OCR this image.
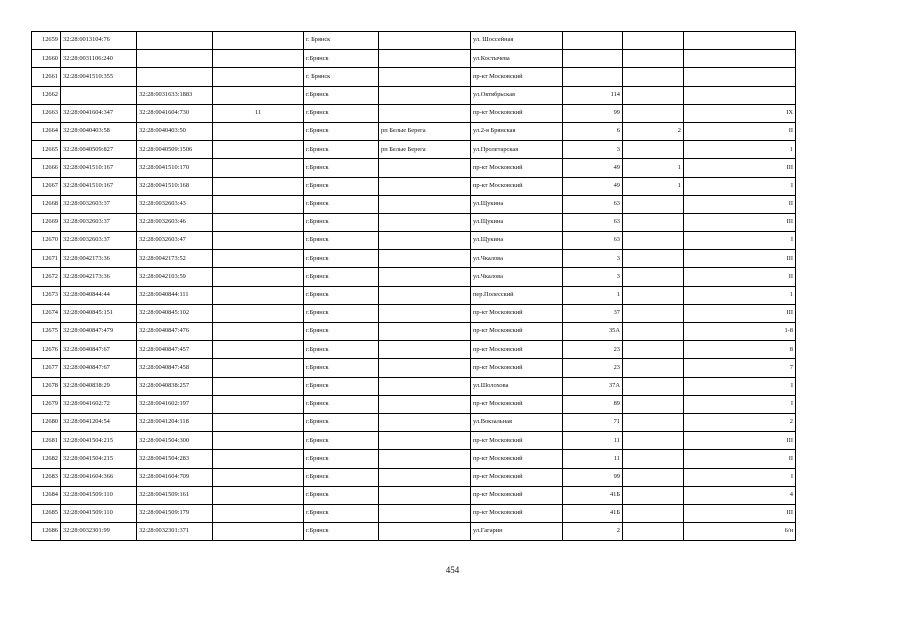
12659	32:28:0013104:76			г. Брянск		ул. Шоссейная			
12660	32:28:0031106:240			г.Брянск		ул.Костычева			
12661	32:28:0041510:355			г. Брянск		пр-кт Московский			
12662		32:28:0031633:1883		г.Брянск		ул.Октябрьская	114		
12663	32:28:0041604:347	32:28:0041604:730	11	г.Брянск		пр-кт Московский	99		IX
12664	32:28:0040403:58	32:28:0040403:50		г.Брянск	рп Белые Берега	ул.2-я Брянская	6	2	II
12665	32:28:0040509:827	32:28:0040509:1506		г.Брянск	рп Белые Берега	ул.Пролетарская	3		1
12666	32:28:0041510:167	32:28:0041510:170		г.Брянск		пр-кт Московский	49	1	III
12667	32:28:0041510:167	32:28:0041510:168		г.Брянск		пр-кт Московский	49	1	I
12668	32:28:0032603:37	32:28:0032603:43		г.Брянск		ул.Щукина	63		II
12669	32:28:0032603:37	32:28:0032603:46		г.Брянск		ул.Щукина	63		III
12670	32:28:0032603:37	32:28:0032603:47		г.Брянск		ул.Щукина	63		I
12671	32:28:0042173:36	32:28:0042173:52		г.Брянск		ул.Чкалова	3		III
12672	32:28:0042173:36	32:28:0042103:59		г.Брянск		ул.Чкалова	3		II
12673	32:28:0040844:44	32:28:0040844:111		г.Брянск		пер.Полесский	1		1
12674	32:28:0040845:151	32:28:0040845:102		г.Брянск		пр-кт Московский	37		III
12675	32:28:0040847:479	32:28:0040847:476		г.Брянск		пр-кт Московский	35А		1-8
12676	32:28:0040847:67	32:28:0040847:457		г.Брянск		пр-кт Московский	23		8
12677	32:28:0040847:67	32:28:0040847:458		г.Брянск		пр-кт Московский	23		7
12678	32:28:0040838:29	32:28:0040838:257		г.Брянск		ул.Шолохова	37А		I
12679	32:28:0041602:72	32:28:0041602:197		г.Брянск		пр-кт Московский	89		I
12680	32:28:0041204:54	32:28:0041204:118		г.Брянск		ул.Вокзальная	71		2
12681	32:28:0041504:215	32:28:0041504:300		г.Брянск		пр-кт Московский	11		III
12682	32:28:0041504:215	32:28:0041504:283		г.Брянск		пр-кт Московский	11		II
12683	32:28:0041604:366	32:28:0041604:709		г.Брянск		пр-кт Московский	99		I
12684	32:28:0041509:110	32:28:0041509:161		г.Брянск		пр-кт Московский	41Б		4
12685	32:28:0041509:110	32:28:0041509:179		г.Брянск		пр-кт Московский	41Б		III
12686	32:28:0032301:99	32:28:0032301:371		г.Брянск		ул.Гагарин	2		6/н
454
